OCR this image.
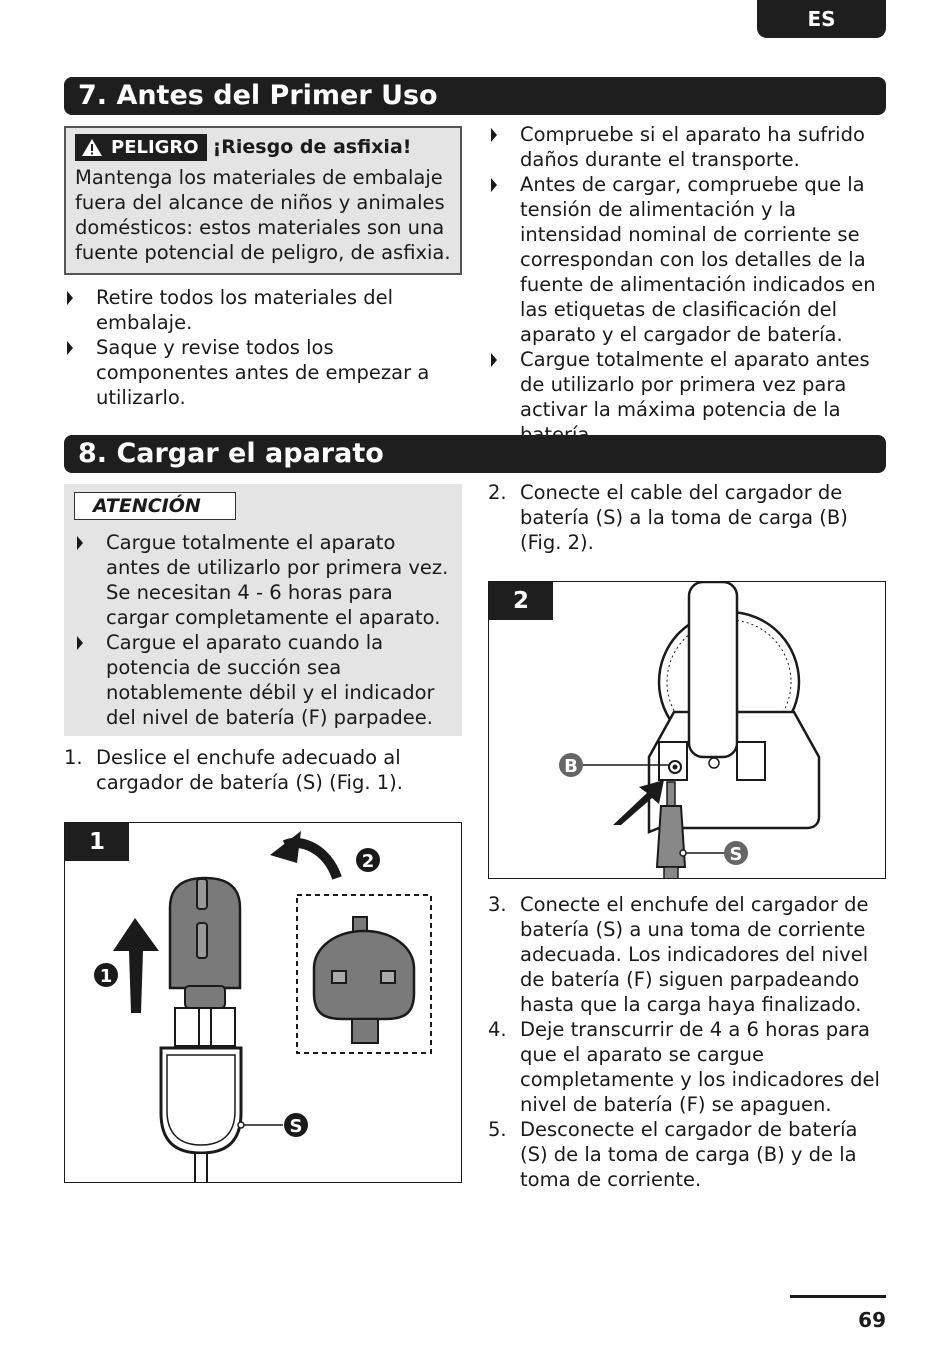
ES
7. Antes del Primer Uso
PELIGRO ¡Riesgo de asfixia!
Mantenga los materiales de embalaje fuera del alcance de niños y animales domésticos: estos materiales son una fuente potencial de peligro, de asfixia.
Retire todos los materiales del embalaje.
Saque y revise todos los componentes antes de empezar a utilizarlo.
Compruebe si el aparato ha sufrido daños durante el transporte.
Antes de cargar, compruebe que la tensión de alimentación y la intensidad nominal de corriente se correspondan con los detalles de la fuente de alimentación indicados en las etiquetas de clasificación del aparato y el cargador de batería.
Cargue totalmente el aparato antes de utilizarlo por primera vez para activar la máxima potencia de la
8. Cargar el aparato
ATENCIÓN
Cargue totalmente el aparato antes de utilizarlo por primera vez. Se necesitan 4 - 6 horas para cargar completamente el aparato.
Cargue el aparato cuando la potencia de succión sea notablemente débil y el indicador del nivel de batería (F) parpadee.
1. Deslice el enchufe adecuado al cargador de batería (S) (Fig. 1).
2. Conecte el cable del cargador de batería (S) a la toma de carga (B) (Fig. 2).
3. Conecte el enchufe del cargador de batería (S) a una toma de corriente adecuada. Los indicadores del nivel de batería (F) siguen parpadeando hasta que la carga haya finalizado.
4. Deje transcurrir de 4 a 6 horas para que el aparato se cargue completamente y los indicadores del nivel de batería (F) se apaguen.
5. Desconecte el cargador de batería (S) de la toma de carga (B) y de la toma de corriente.
1
2
S
1
B
S
2
69
